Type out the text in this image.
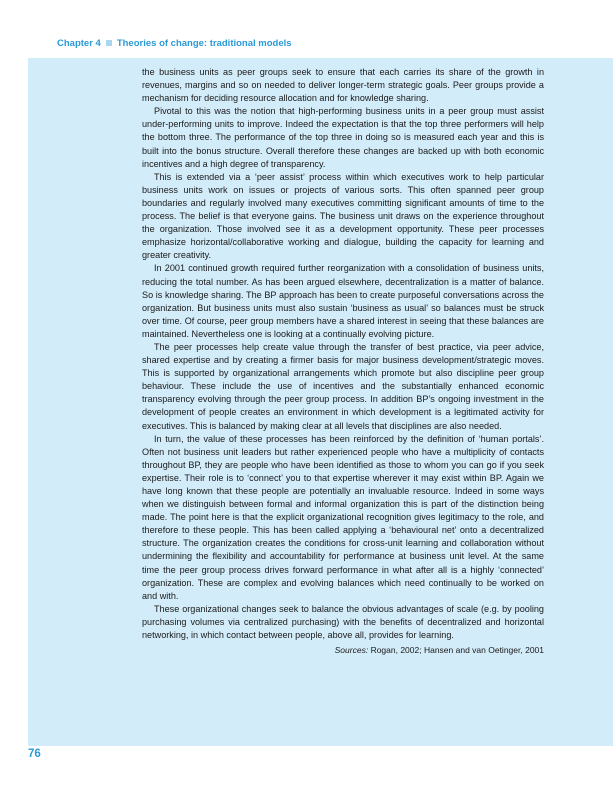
Chapter 4 Theories of change: traditional models

the business units as peer groups seek to ensure that each carries its share of the growth in revenues, margins and so on needed to deliver longer-term strategic goals. Peer groups provide a mechanism for deciding resource allocation and for knowledge sharing.

Pivotal to this was the notion that high-performing business units in a peer group must assist under-performing units to improve. Indeed the expectation is that the top three performers will help the bottom three. The performance of the top three in doing so is measured each year and this is built into the bonus structure. Overall therefore these changes are backed up with both economic incentives and a high degree of transparency.

This is extended via a ‘peer assist’ process within which executives work to help particular business units work on issues or projects of various sorts. This often spanned peer group boundaries and regularly involved many executives committing significant amounts of time to the process. The belief is that everyone gains. The business unit draws on the experience throughout the organization. Those involved see it as a development opportunity. These peer processes emphasize horizontal/collaborative working and dialogue, building the capacity for learning and greater creativity.

In 2001 continued growth required further reorganization with a consolidation of business units, reducing the total number. As has been argued elsewhere, decentralization is a matter of balance. So is knowledge sharing. The BP approach has been to create purposeful conversations across the organization. But business units must also sustain ‘business as usual’ so balances must be struck over time. Of course, peer group members have a shared interest in seeing that these balances are maintained. Nevertheless one is looking at a continually evolving picture.

The peer processes help create value through the transfer of best practice, via peer advice, shared expertise and by creating a firmer basis for major business development/strategic moves. This is supported by organizational arrangements which promote but also discipline peer group behaviour. These include the use of incentives and the substantially enhanced economic transparency evolving through the peer group process. In addition BP’s ongoing investment in the development of people creates an environment in which development is a legitimated activity for executives. This is balanced by making clear at all levels that disciplines are also needed.

In turn, the value of these processes has been reinforced by the definition of ‘human portals’. Often not business unit leaders but rather experienced people who have a multiplicity of contacts throughout BP, they are people who have been identified as those to whom you can go if you seek expertise. Their role is to ‘connect’ you to that expertise wherever it may exist within BP. Again we have long known that these people are potentially an invaluable resource. Indeed in some ways when we distinguish between formal and informal organization this is part of the distinction being made. The point here is that the explicit organizational recognition gives legitimacy to the role, and therefore to these people. This has been called applying a ‘behavioural net’ onto a decentralized structure. The organization creates the conditions for cross-unit learning and collaboration without undermining the flexibility and accountability for performance at business unit level. At the same time the peer group process drives forward performance in what after all is a highly ‘connected’ organization. These are complex and evolving balances which need continually to be worked on and with.

These organizational changes seek to balance the obvious advantages of scale (e.g. by pooling purchasing volumes via centralized purchasing) with the benefits of decentralized and horizontal networking, in which contact between people, above all, provides for learning.

Sources: Rogan, 2002; Hansen and van Oetinger, 2001
76
